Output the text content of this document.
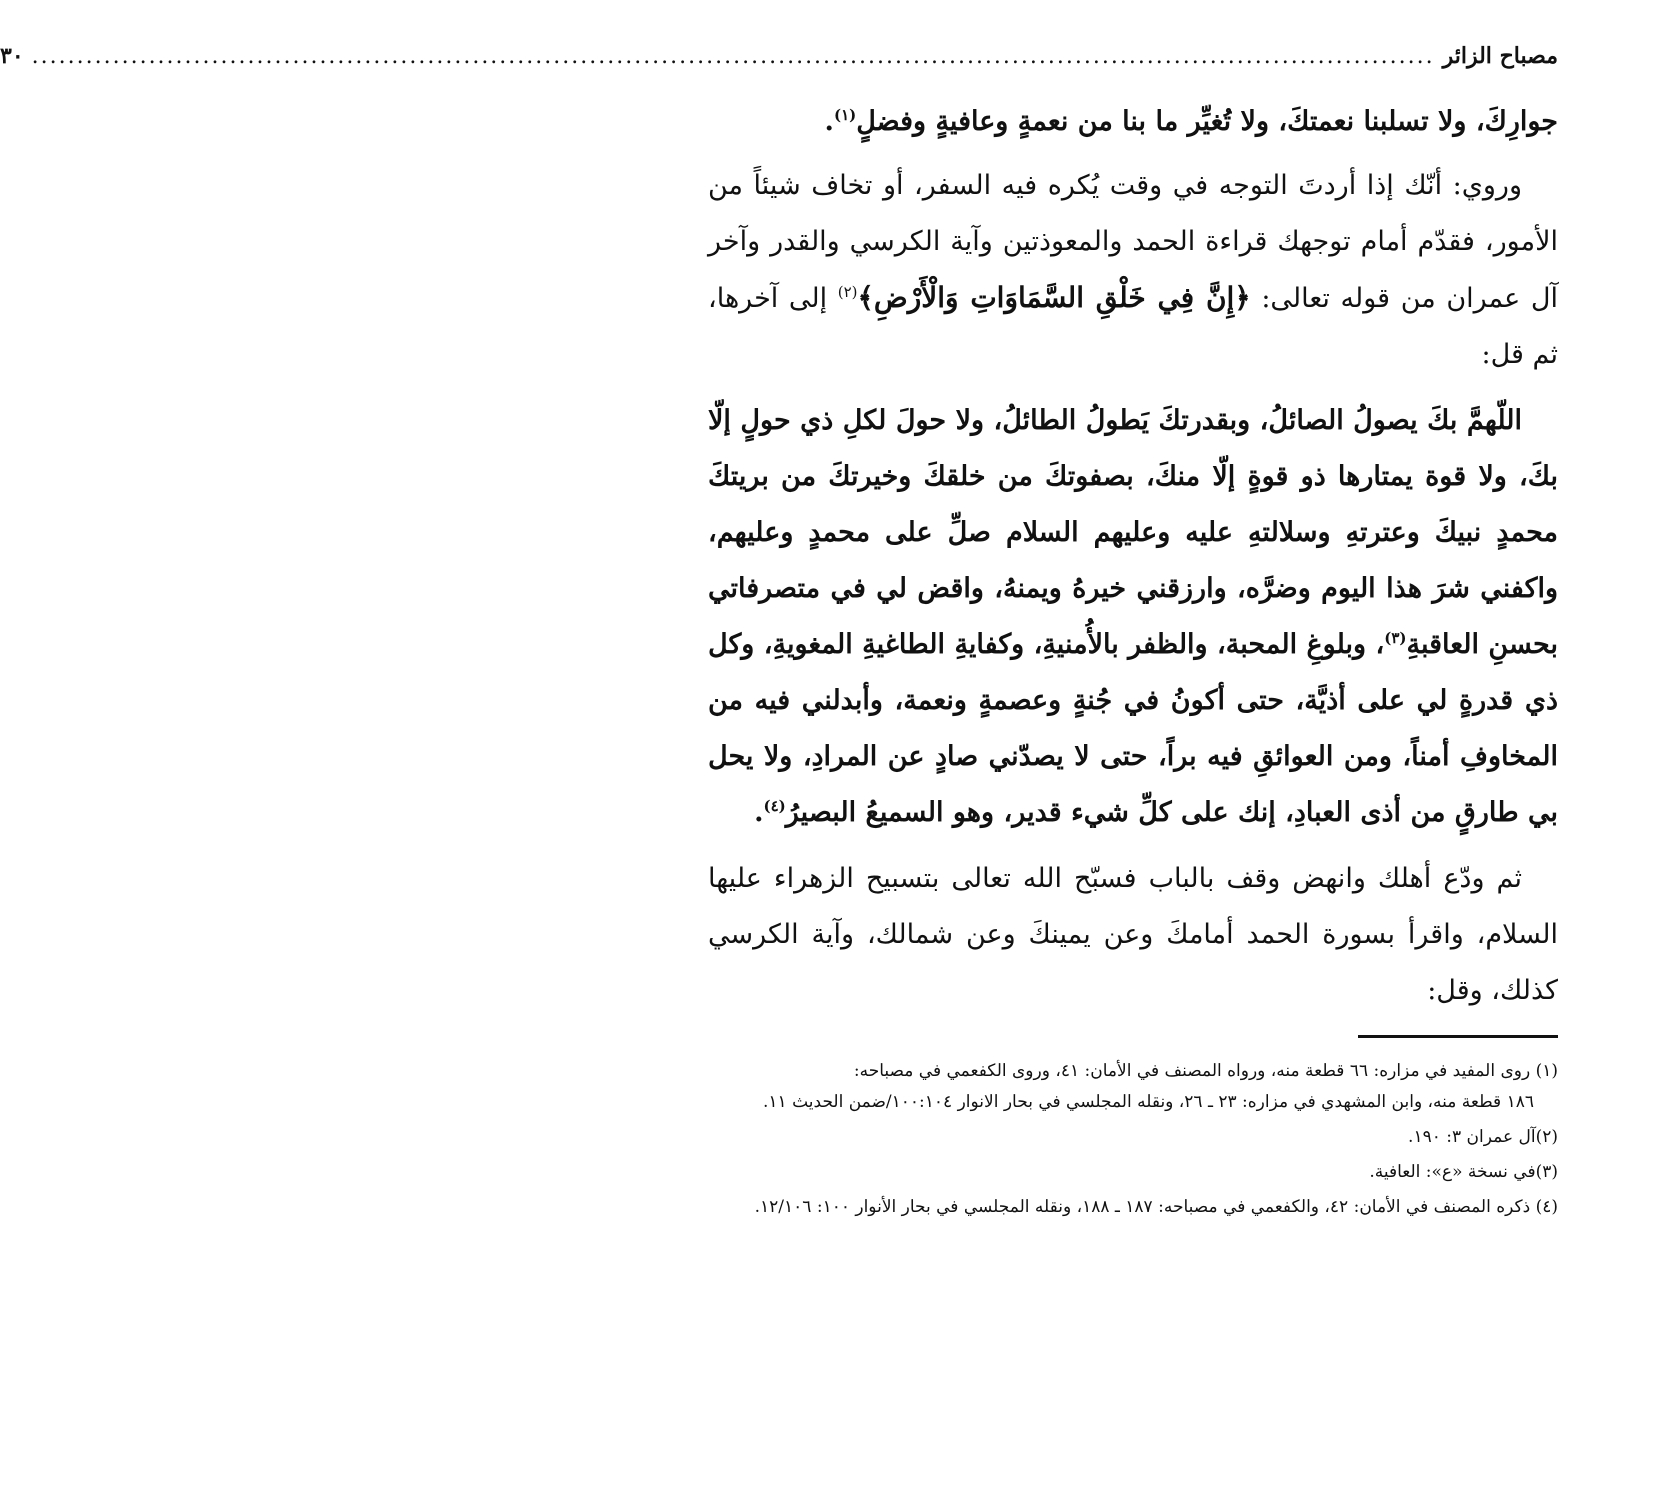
مصباح الزائر
............................................................................................................................................................
٣٠

جوارِكَ، ولا تسلبنا نعمتكَ، ولا تُغيِّر ما بنا من نعمةٍ وعافيةٍ وفضلٍ$^{(١)}$.

وروي: أنّك إذا أردتَ التوجه في وقت يُكره فيه السفر، أو تخاف شيئاً من الأمور، فقدّم أمام توجهك قراءة الحمد والمعوذتين وآية الكرسي والقدر وآخر آل عمران من قوله تعالى: ﴿إِنَّ فِي خَلْقِ السَّمَاوَاتِ وَالْأَرْضِ﴾$^{(٢)}$ إلى آخرها، ثم قل:

اللّهمَّ بكَ يصولُ الصائلُ، وبقدرتكَ يَطولُ الطائلُ، ولا حولَ لكلِ ذي حولٍ إلّا بكَ، ولا قوة يمتارها ذو قوةٍ إلّا منكَ، بصفوتكَ من خلقكَ وخيرتكَ من بريتكَ محمدٍ نبيكَ وعترتهِ وسلالتهِ عليه وعليهم السلام صلِّ على محمدٍ وعليهم، واكفني شرَ هذا اليوم وضرَّه، وارزقني خيرهُ ويمنهُ، واقض لي في متصرفاتي بحسنِ العاقبةِ$^{(٣)}$، وبلوغِ المحبة، والظفر بالأُمنيةِ، وكفايةِ الطاغيةِ المغويةِ، وكل ذي قدرةٍ لي على أذيَّة، حتى أكونُ في جُنةٍ وعصمةٍ ونعمة، وأبدلني فيه من المخاوفِ أمناً، ومن العوائقِ فيه براً، حتى لا يصدّني صادٍ عن المرادِ، ولا يحل بي طارقٍ من أذى العبادِ، إنك على كلِّ شيء قدير، وهو السميعُ البصيرُ$^{(٤)}$.

ثم ودّع أهلك وانهض وقف بالباب فسبّح الله تعالى بتسبيح الزهراء عليها السلام، واقرأ بسورة الحمد أمامكَ وعن يمينكَ وعن شمالك، وآية الكرسي كذلك، وقل:

(١) روى المفيد في مزاره: ٦٦ قطعة منه، ورواه المصنف في الأمان: ٤١، وروى الكفعمي في مصباحه:
١٨٦ قطعة منه، وابن المشهدي في مزاره: ٢٣ ـ ٢٦، ونقله المجلسي في بحار الانوار ١٠٠:١٠٤/ضمن الحديث ١١.

(٢)آل عمران ٣: ١٩٠.

(٣)في نسخة «ع»: العافية.

(٤) ذكره المصنف في الأمان: ٤٢، والكفعمي في مصباحه: ١٨٧ ـ ١٨٨، ونقله المجلسي في بحار الأنوار ١٠٠: ١٢/١٠٦.
